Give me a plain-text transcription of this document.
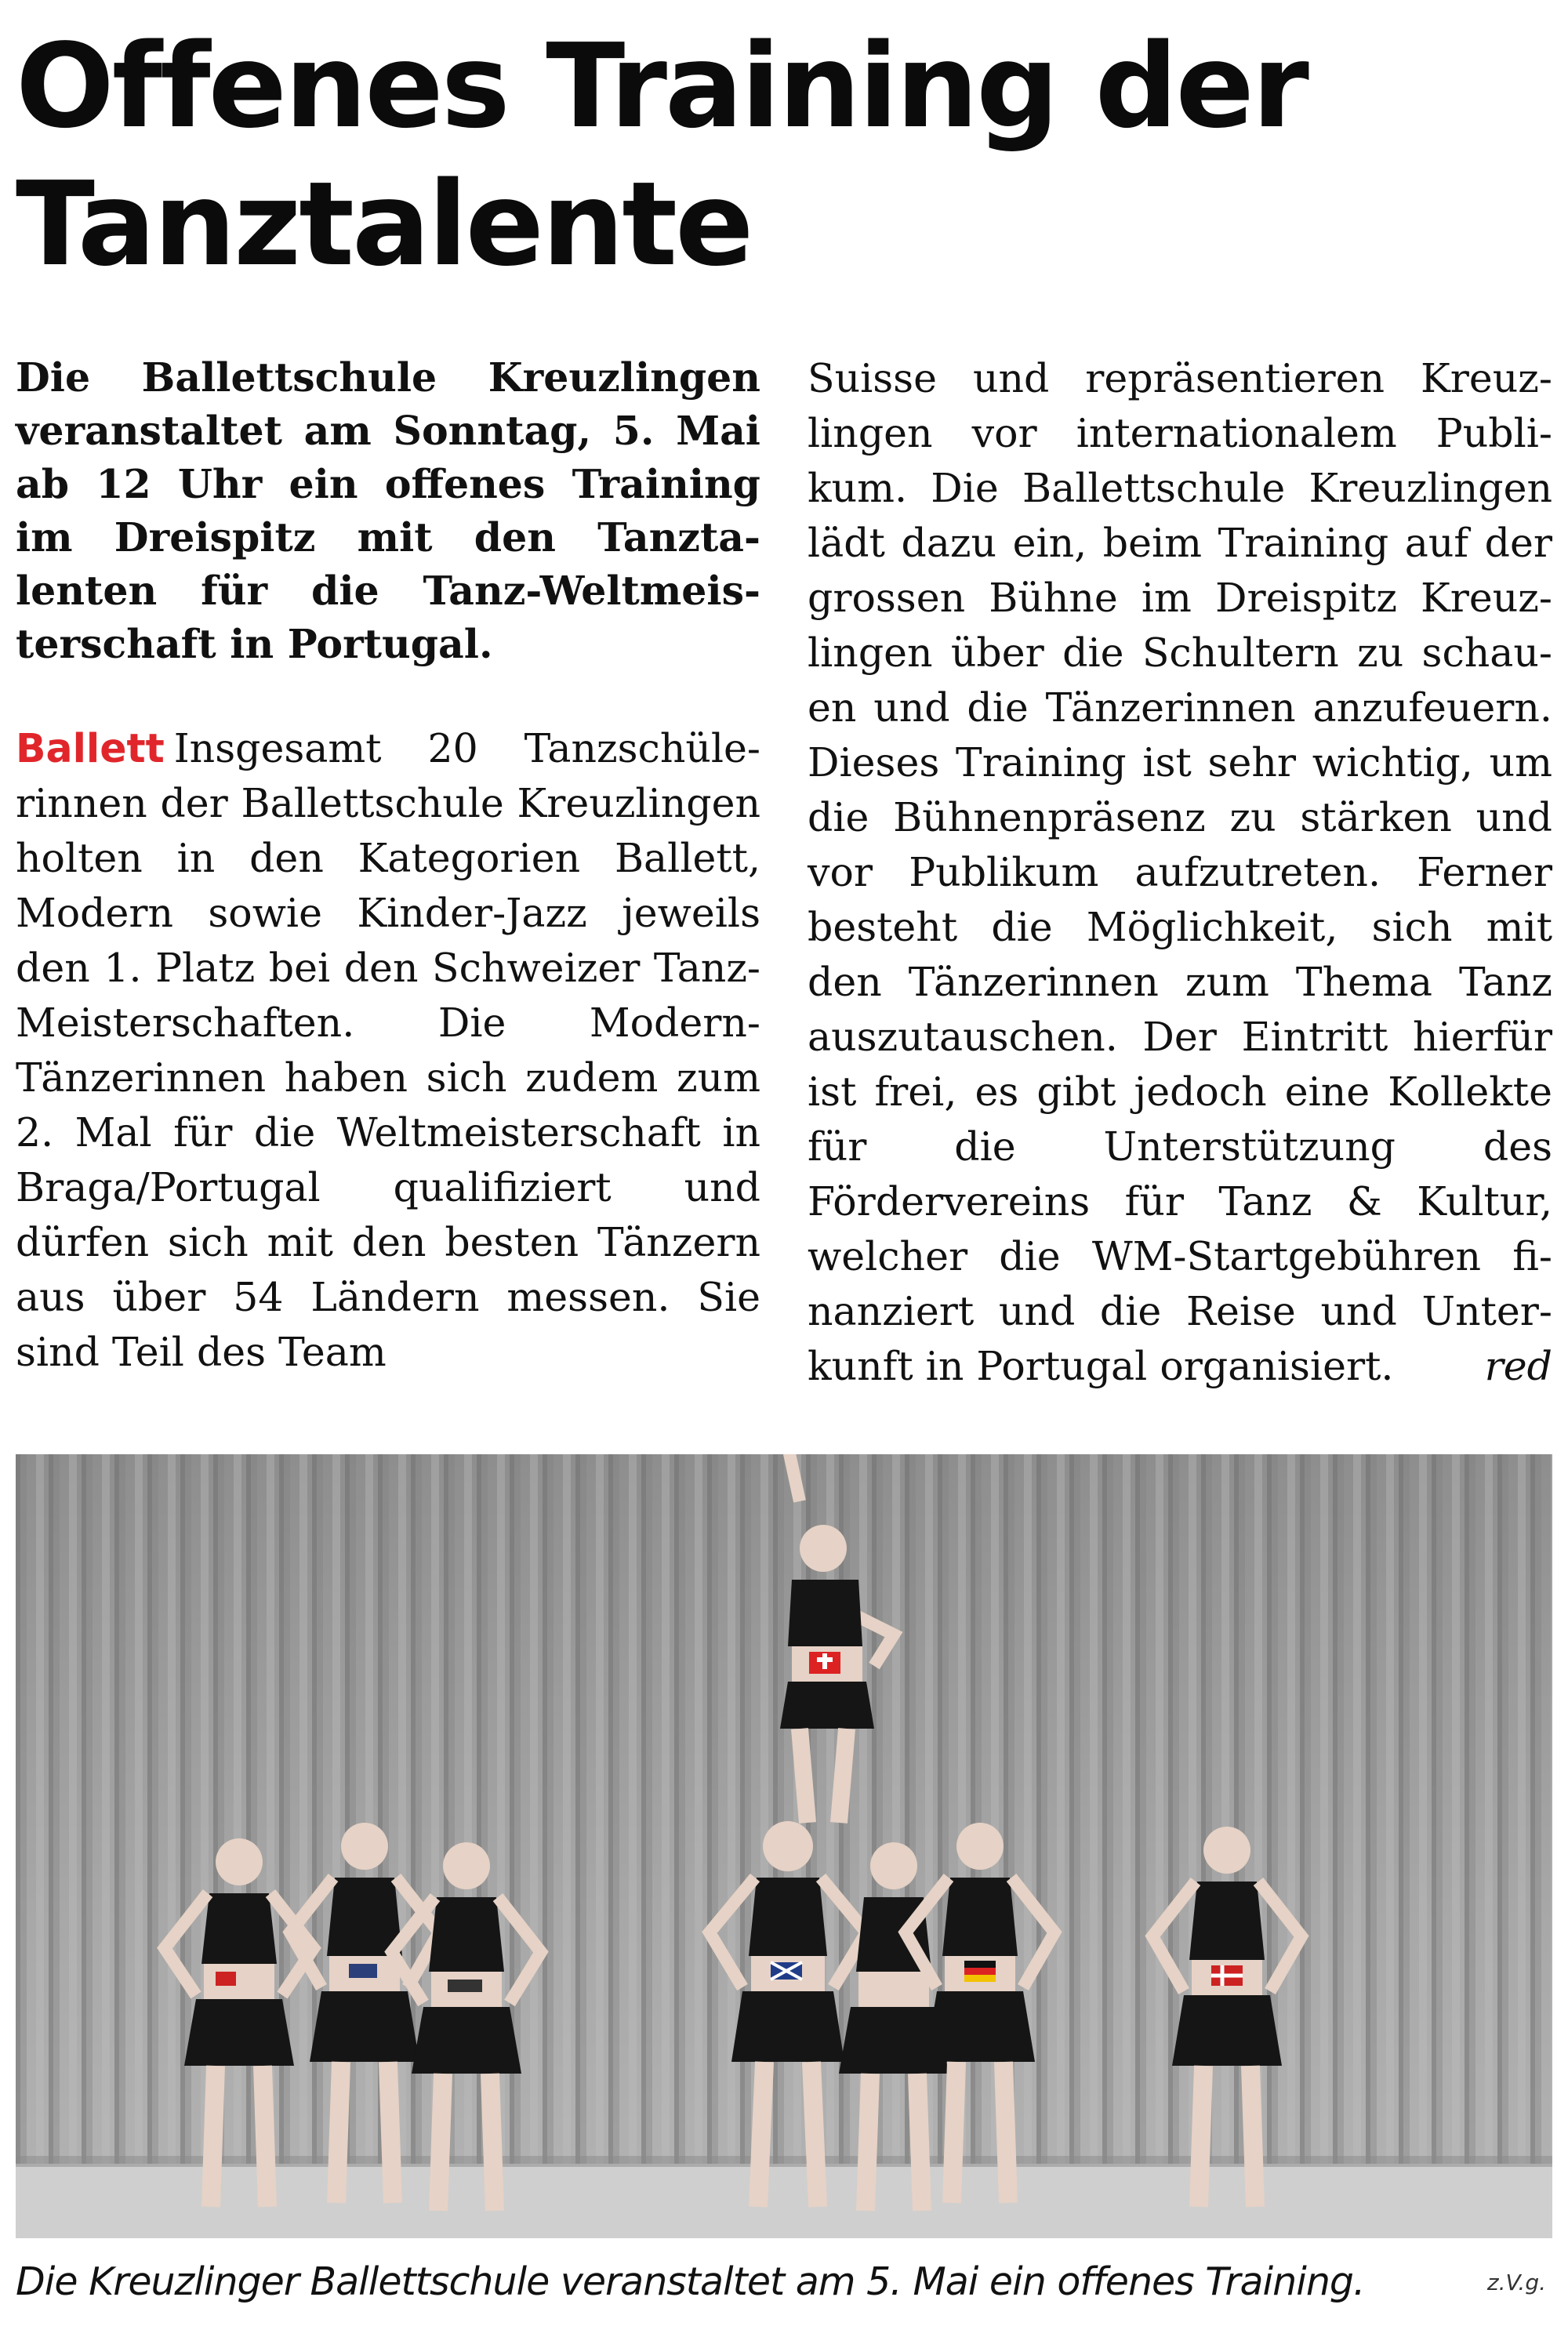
Offenes Training der Tanztalente

Die Ballettschule Kreuzlingen veranstaltet am Sonntag, 5. Mai ab 12 Uhr ein offenes Training im Dreispitz mit den Tanztalenten für die Tanz-Weltmeisterschaft in Portugal.

Ballett Insgesamt 20 Tanzschülerinnen der Ballettschule Kreuzlingen holten in den Kategorien Ballett, Modern sowie Kinder-Jazz jeweils den 1. Platz bei den Schweizer Tanz-Meisterschaften. Die Modern-Tänzerinnen haben sich zudem zum 2. Mal für die Weltmeisterschaft in Braga/Portugal qualifiziert und dürfen sich mit den besten Tänzern aus über 54 Ländern messen. Sie sind Teil des Team

Suisse und repräsentieren Kreuzlingen vor internationalem Publikum. Die Ballettschule Kreuzlingen lädt dazu ein, beim Training auf der grossen Bühne im Dreispitz Kreuzlingen über die Schultern zu schauen und die Tänzerinnen anzufeuern. Dieses Training ist sehr wichtig, um die Bühnenpräsenz zu stärken und vor Publikum aufzutreten. Ferner besteht die Möglichkeit, sich mit den Tänzerinnen zum Thema Tanz auszutauschen. Der Eintritt hierfür ist frei, es gibt jedoch eine Kollekte für die Unterstützung des Fördervereins für Tanz & Kultur, welcher die WM-Startgebühren finanziert und die Reise und Unterkunft in Portugal organisiert. red

Die Kreuzlinger Ballettschule veranstaltet am 5. Mai ein offenes Training.	z.V.g.
